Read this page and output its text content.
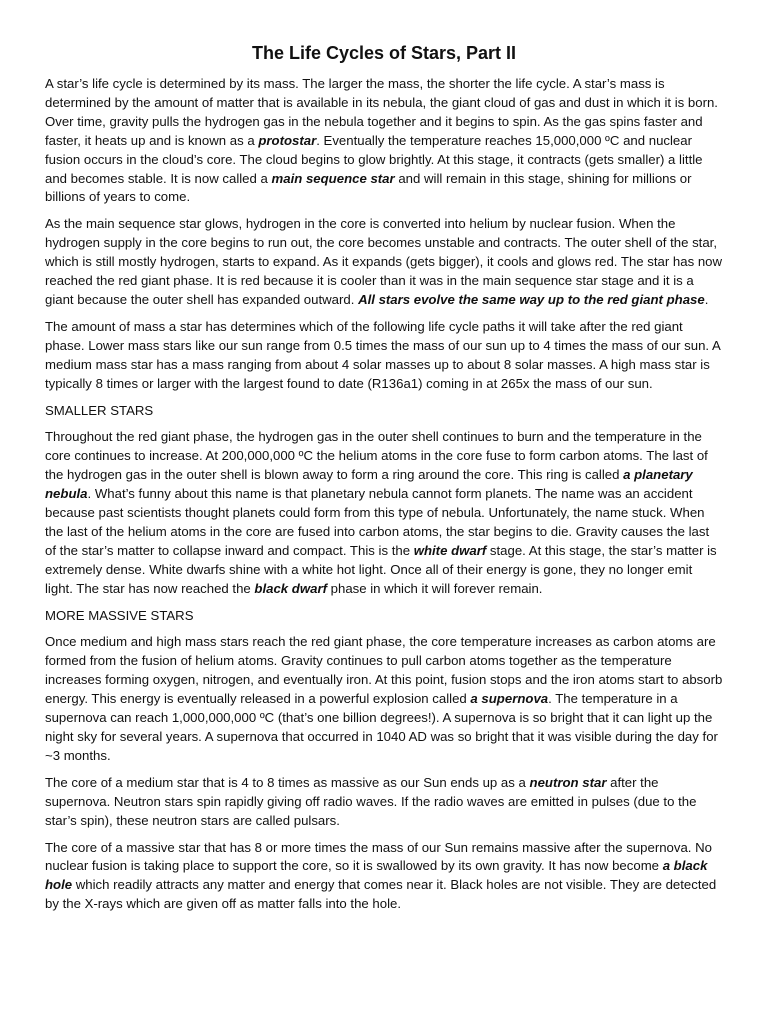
The Life Cycles of Stars, Part II

A star’s life cycle is determined by its mass. The larger the mass, the shorter the life cycle. A star’s mass is determined by the amount of matter that is available in its nebula, the giant cloud of gas and dust in which it is born. Over time, gravity pulls the hydrogen gas in the nebula together and it begins to spin. As the gas spins faster and faster, it heats up and is known as a protostar. Eventually the temperature reaches 15,000,000 ºC and nuclear fusion occurs in the cloud’s core. The cloud begins to glow brightly. At this stage, it contracts (gets smaller) a little and becomes stable. It is now called a main sequence star and will remain in this stage, shining for millions or billions of years to come.

As the main sequence star glows, hydrogen in the core is converted into helium by nuclear fusion. When the hydrogen supply in the core begins to run out, the core becomes unstable and contracts. The outer shell of the star, which is still mostly hydrogen, starts to expand. As it expands (gets bigger), it cools and glows red. The star has now reached the red giant phase. It is red because it is cooler than it was in the main sequence star stage and it is a giant because the outer shell has expanded outward. All stars evolve the same way up to the red giant phase.

The amount of mass a star has determines which of the following life cycle paths it will take after the red giant phase. Lower mass stars like our sun range from 0.5 times the mass of our sun up to 4 times the mass of our sun. A medium mass star has a mass ranging from about 4 solar masses up to about 8 solar masses. A high mass star is typically 8 times or larger with the largest found to date (R136a1) coming in at 265x the mass of our sun.

SMALLER STARS

Throughout the red giant phase, the hydrogen gas in the outer shell continues to burn and the temperature in the core continues to increase. At 200,000,000 ºC the helium atoms in the core fuse to form carbon atoms. The last of the hydrogen gas in the outer shell is blown away to form a ring around the core. This ring is called a planetary nebula. What’s funny about this name is that planetary nebula cannot form planets. The name was an accident because past scientists thought planets could form from this type of nebula. Unfortunately, the name stuck. When the last of the helium atoms in the core are fused into carbon atoms, the star begins to die. Gravity causes the last of the star’s matter to collapse inward and compact. This is the white dwarf stage. At this stage, the star’s matter is extremely dense. White dwarfs shine with a white hot light. Once all of their energy is gone, they no longer emit light. The star has now reached the black dwarf phase in which it will forever remain.

MORE MASSIVE STARS

Once medium and high mass stars reach the red giant phase, the core temperature increases as carbon atoms are formed from the fusion of helium atoms. Gravity continues to pull carbon atoms together as the temperature increases forming oxygen, nitrogen, and eventually iron. At this point, fusion stops and the iron atoms start to absorb energy. This energy is eventually released in a powerful explosion called a supernova. The temperature in a supernova can reach 1,000,000,000 ºC (that’s one billion degrees!). A supernova is so bright that it can light up the night sky for several years. A supernova that occurred in 1040 AD was so bright that it was visible during the day for ~3 months.

The core of a medium star that is 4 to 8 times as massive as our Sun ends up as a neutron star after the supernova. Neutron stars spin rapidly giving off radio waves. If the radio waves are emitted in pulses (due to the star’s spin), these neutron stars are called pulsars.

The core of a massive star that has 8 or more times the mass of our Sun remains massive after the supernova. No nuclear fusion is taking place to support the core, so it is swallowed by its own gravity. It has now become a black hole which readily attracts any matter and energy that comes near it. Black holes are not visible. They are detected by the X-rays which are given off as matter falls into the hole.
